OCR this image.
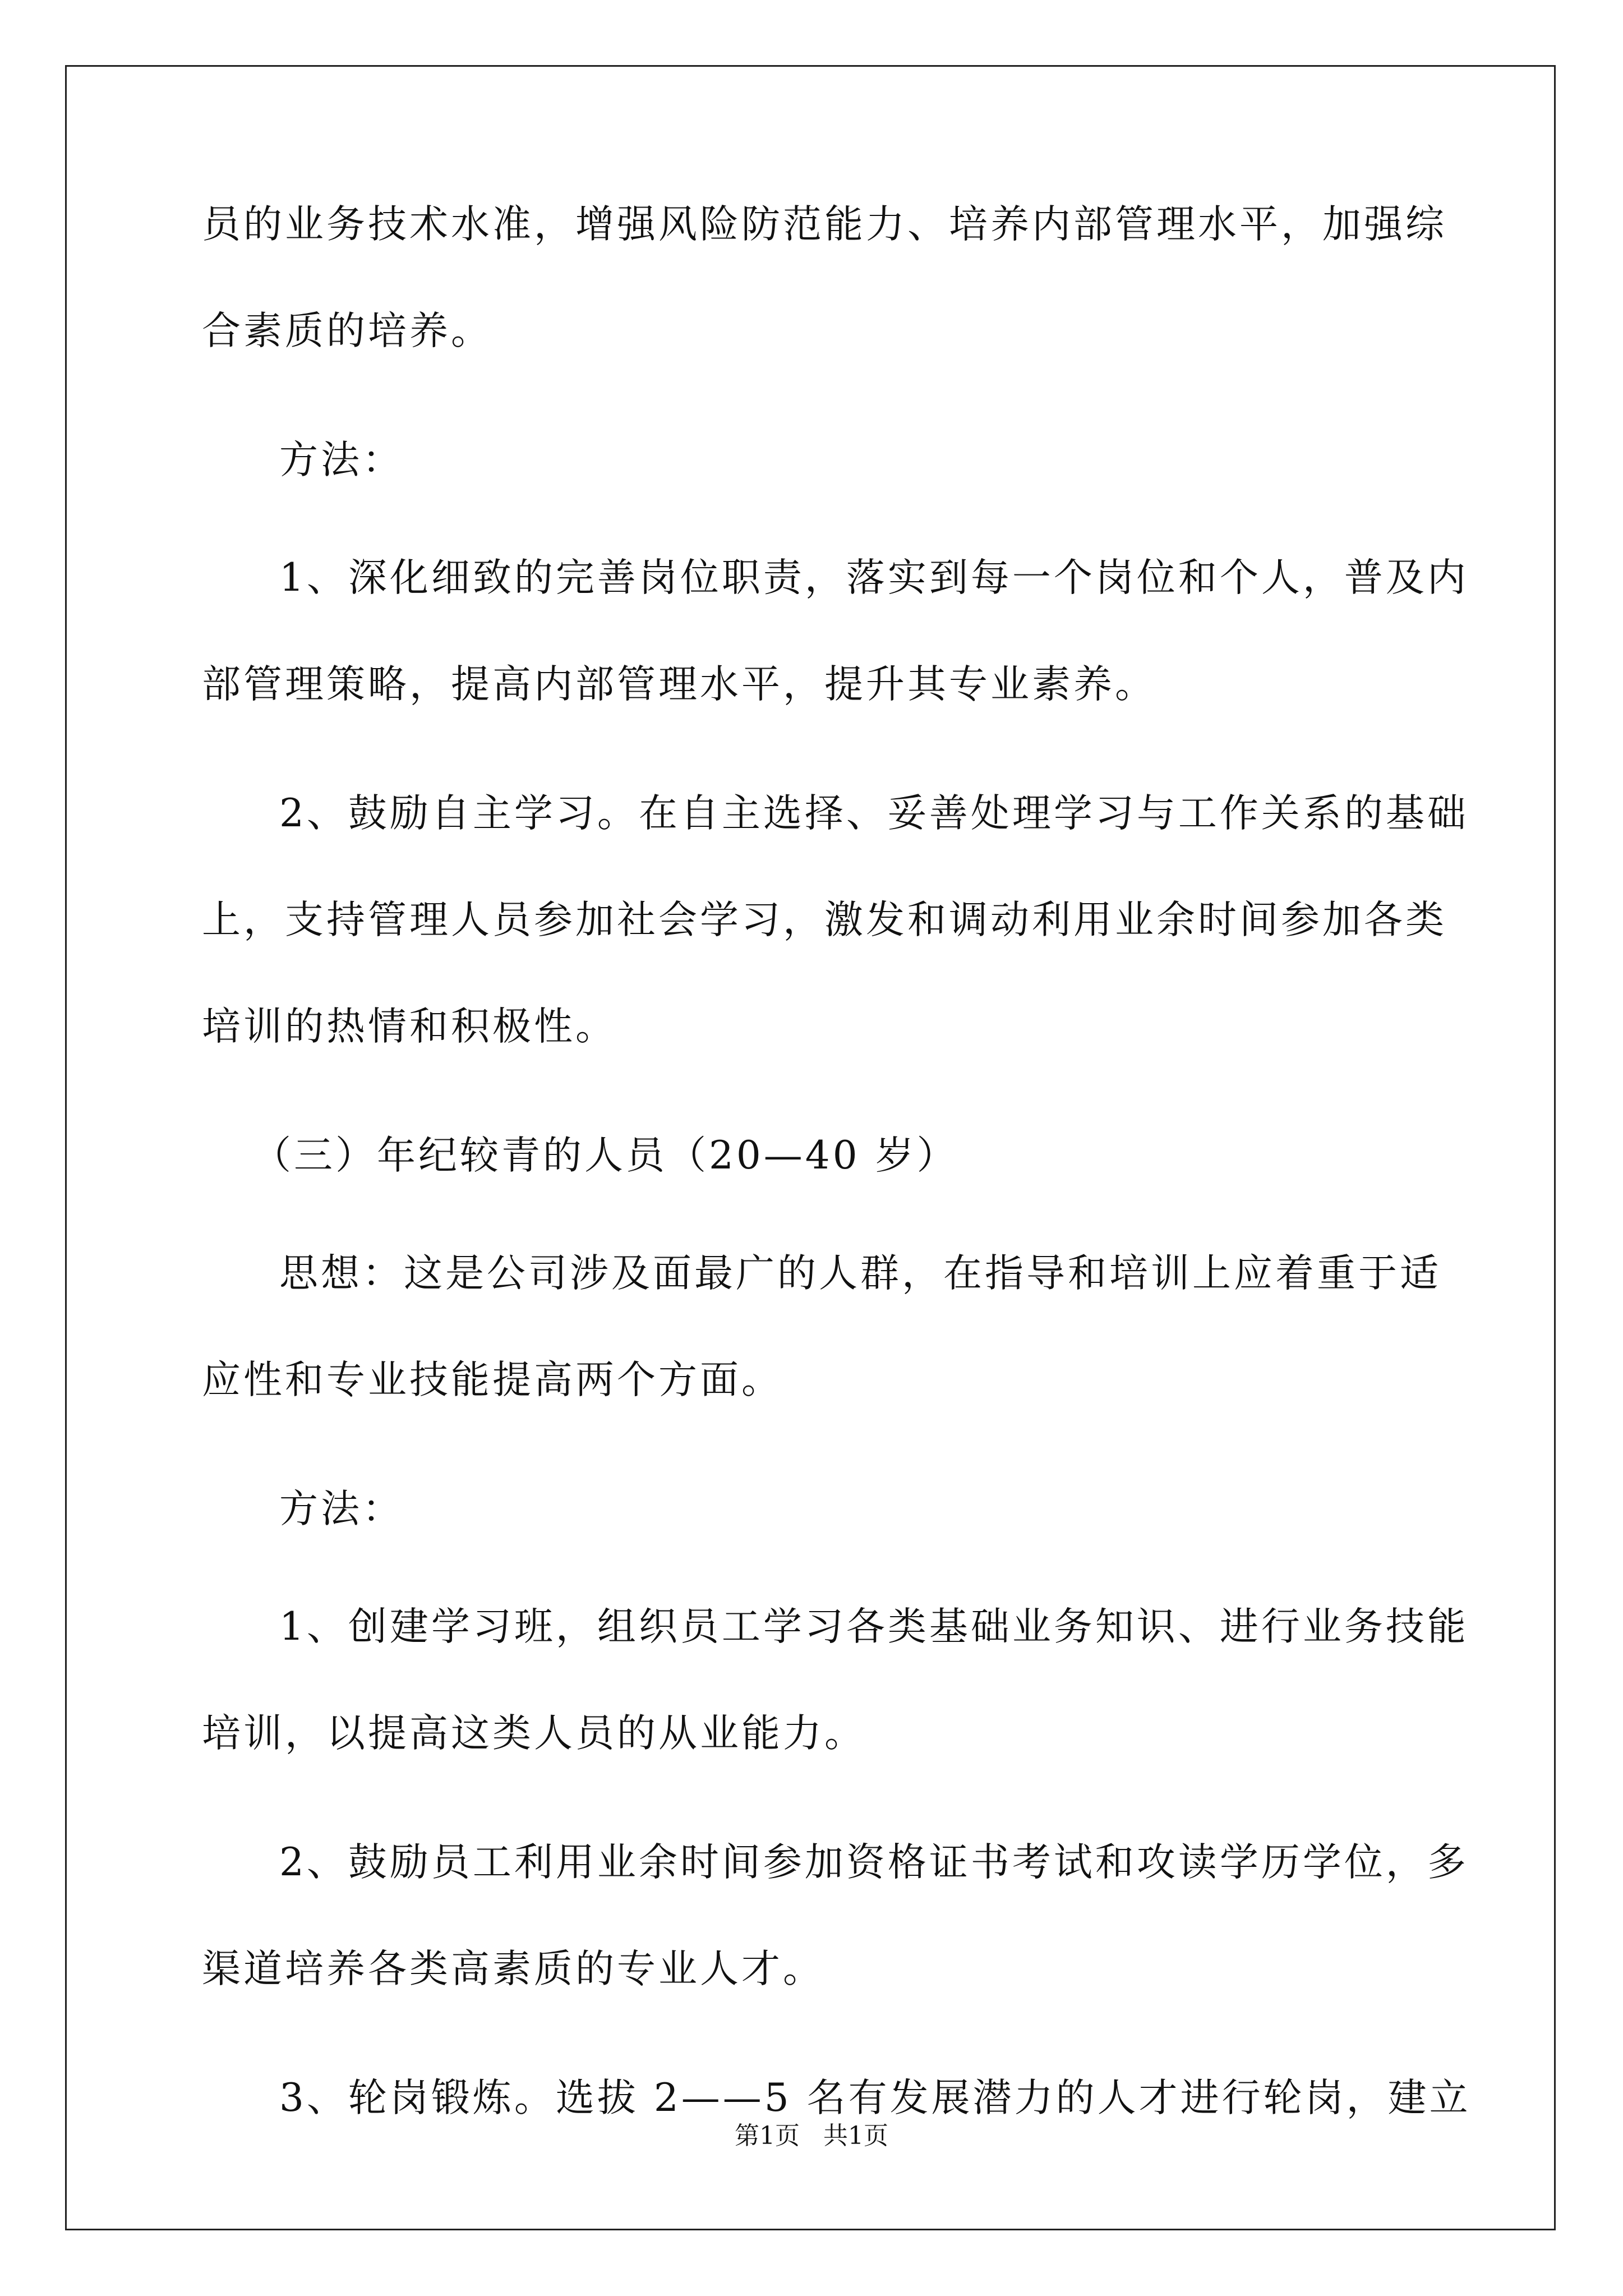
员的业务技术水准，增强风险防范能力、培养内部管理水平，加强综
合素质的培养。
方法：
1、深化细致的完善岗位职责，落实到每一个岗位和个人，普及内
部管理策略，提高内部管理水平，提升其专业素养。
2、鼓励自主学习。在自主选择、妥善处理学习与工作关系的基础
上，支持管理人员参加社会学习，激发和调动利用业余时间参加各类
培训的热情和积极性。
（三）年纪较青的人员（20—40 岁）
思想：这是公司涉及面最广的人群，在指导和培训上应着重于适
应性和专业技能提高两个方面。
方法：
1、创建学习班，组织员工学习各类基础业务知识、进行业务技能
培训，以提高这类人员的从业能力。
2、鼓励员工利用业余时间参加资格证书考试和攻读学历学位，多
渠道培养各类高素质的专业人才。
3、轮岗锻炼。选拔 2——5 名有发展潜力的人才进行轮岗，建立
第1页   共1页
